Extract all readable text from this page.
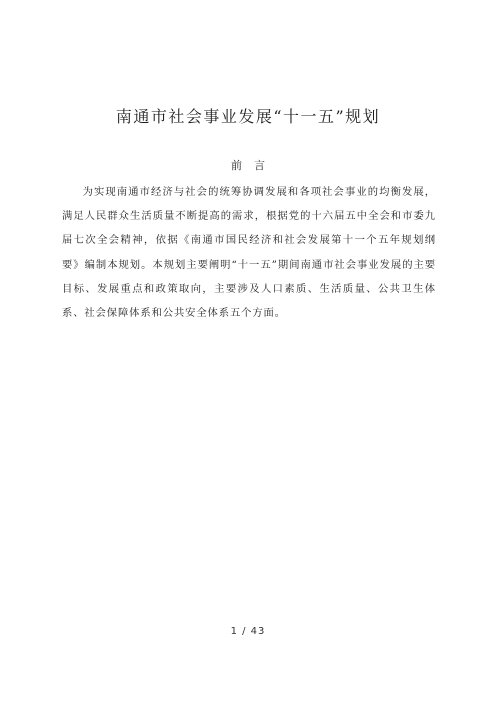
南通市社会事业发展“十一五”规划
前言

为实现南通市经济与社会的统筹协调发展和各项社会事业的均衡发展，满足人民群众生活质量不断提高的需求，根据党的十六届五中全会和市委九届七次全会精神，依据《南通市国民经济和社会发展第十一个五年规划纲要》编制本规划。本规划主要阐明“十一五”期间南通市社会事业发展的主要目标、发展重点和政策取向，主要涉及人口素质、生活质量、公共卫生体系、社会保障体系和公共安全体系五个方面。

1 / 43
